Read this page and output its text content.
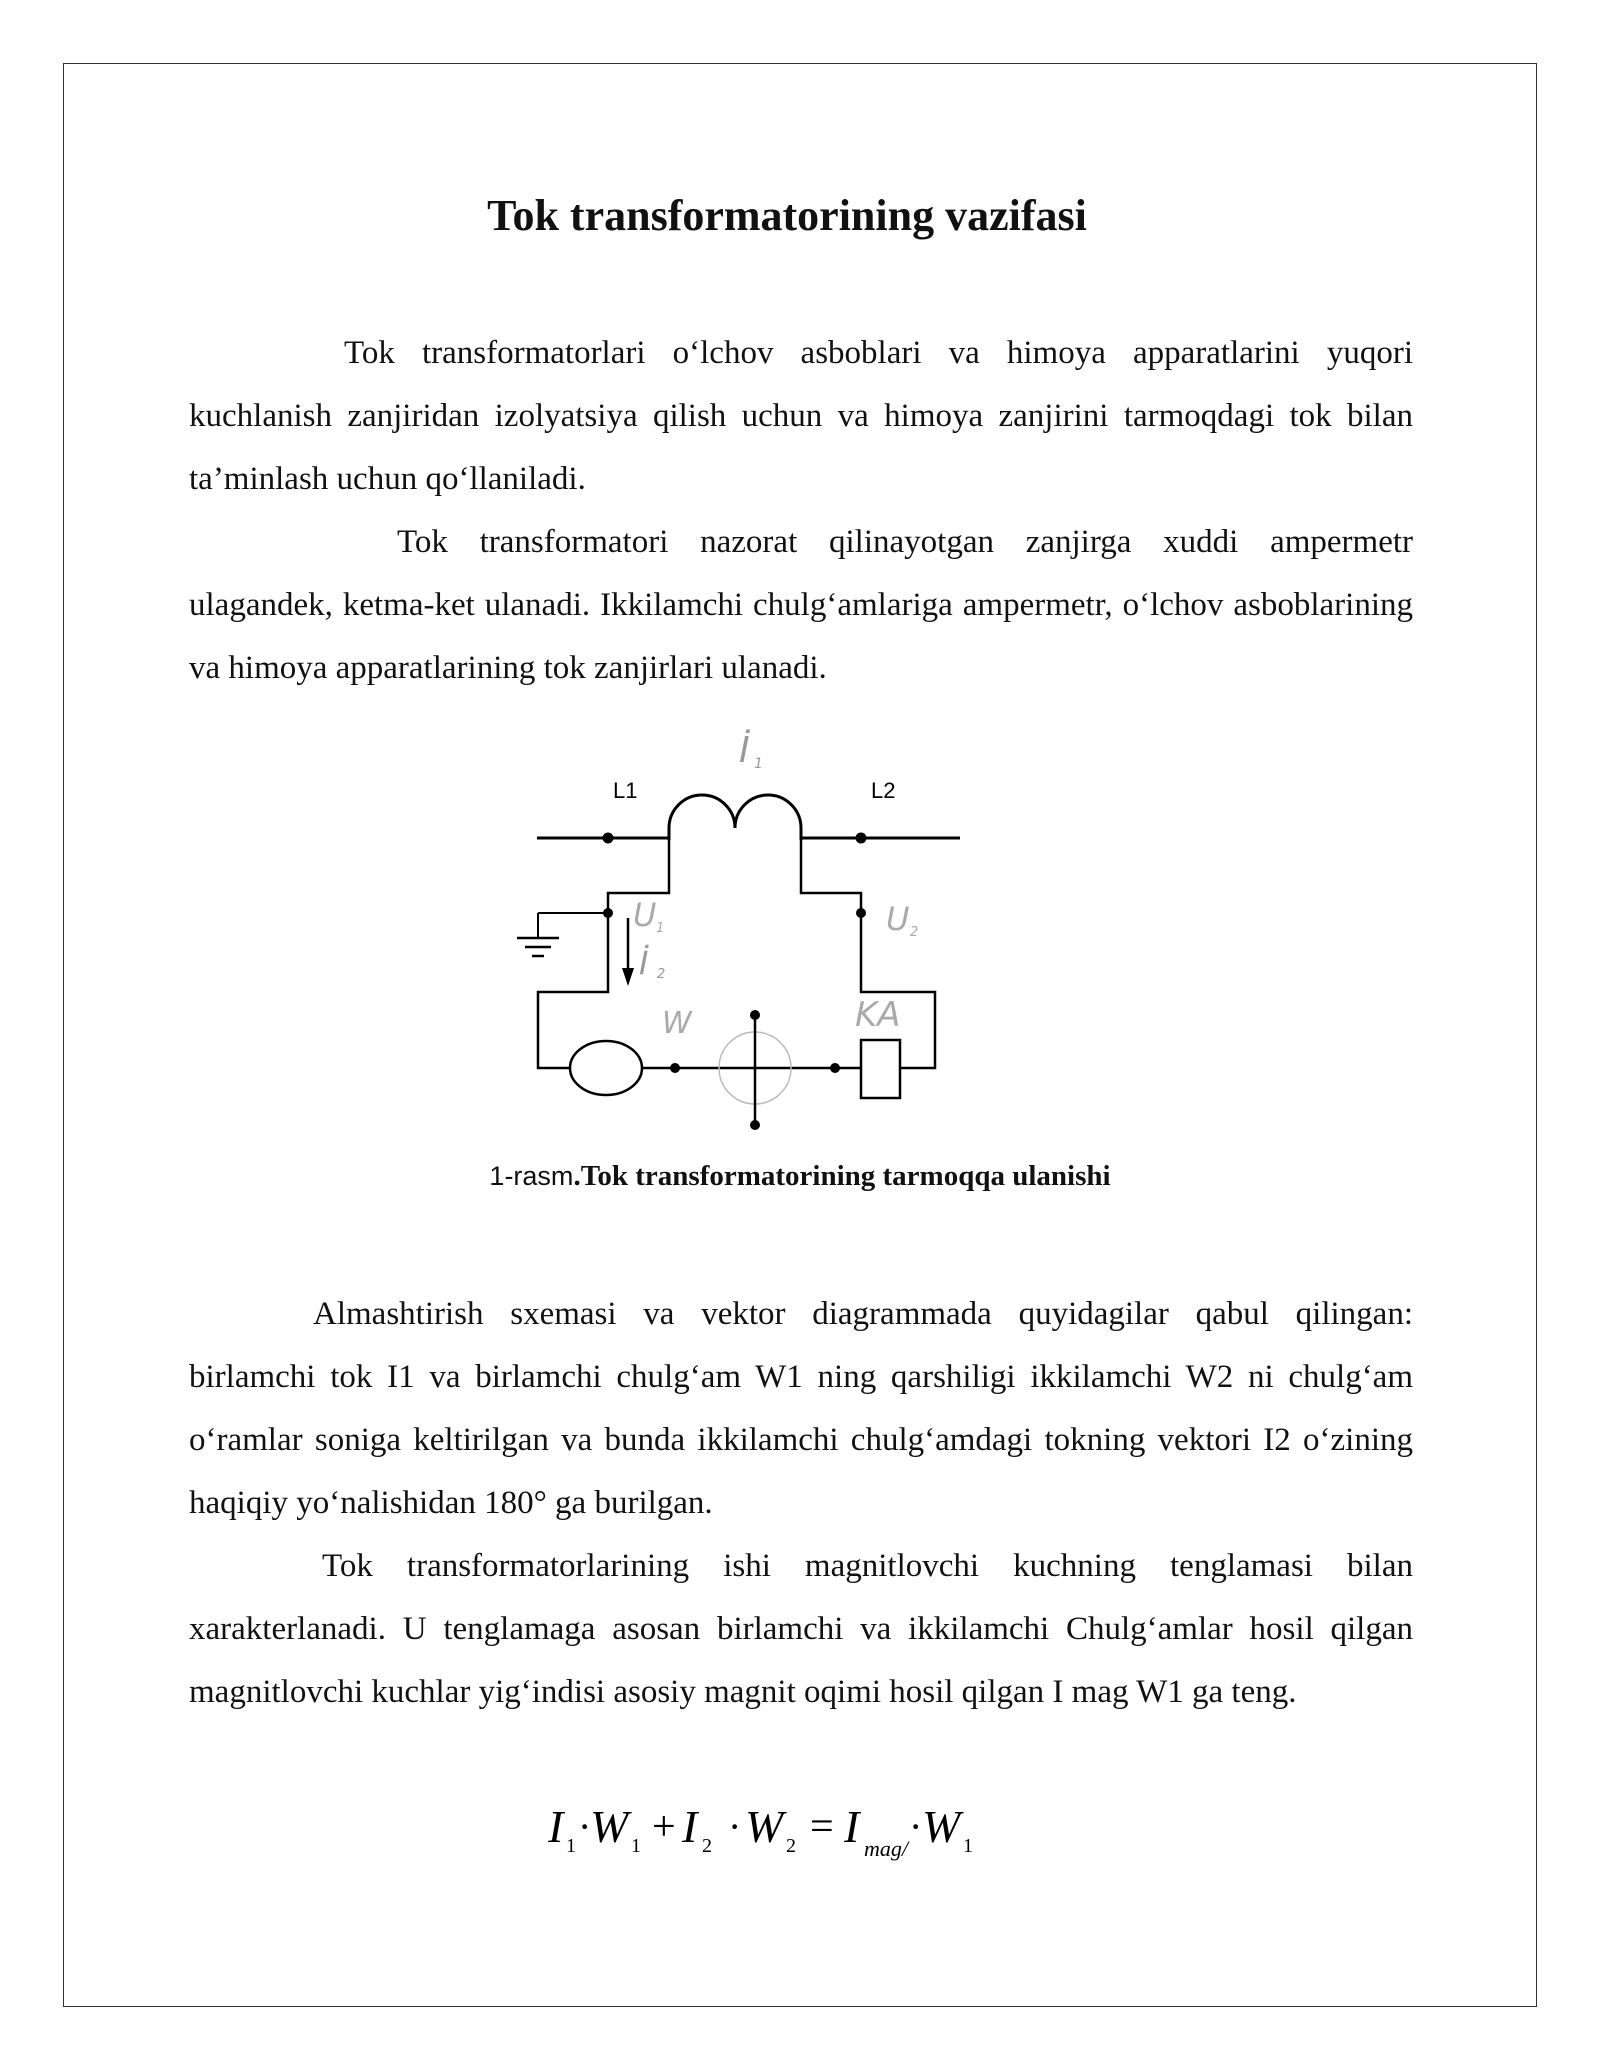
Tok transformatorining vazifasi

Tok transformatorlari o‘lchov asboblari va himoya apparatlarini yuqori kuchlanish zanjiridan izolyatsiya qilish uchun va himoya zanjirini tarmoqdagi tok bilan ta’minlash uchun qo‘llaniladi.

Tok transformatori nazorat qilinayotgan zanjirga xuddi ampermetr ulagandek, ketma-ket ulanadi. Ikkilamchi chulg‘amlariga ampermetr, o‘lchov asboblarining va himoya apparatlarining tok zanjirlari ulanadi.

İ 1
L1	L2
U 1	U 2
İ 2
W	KA
1-rasm.Tok transformatorining tarmoqqa ulanishi

Almashtirish sxemasi va vektor diagrammada quyidagilar qabul qilingan: birlamchi tok I1 va birlamchi chulg‘am W1 ning qarshiligi ikkilamchi W2 ni chulg‘am o‘ramlar soniga keltirilgan va bunda ikkilamchi chulg‘amdagi tokning vektori I2 o‘zining haqiqiy yo‘nalishidan 180° ga burilgan.

Tok transformatorlarining ishi magnitlovchi kuchning tenglamasi bilan xarakterlanadi. U tenglamaga asosan birlamchi va ikkilamchi Chulg‘amlar hosil qilgan magnitlovchi kuchlar yig‘indisi asosiy magnit oqimi hosil qilgan I mag W1 ga teng.

I 1 ·
W 1 + I 2 · W 2 = I mag/ · W 1
